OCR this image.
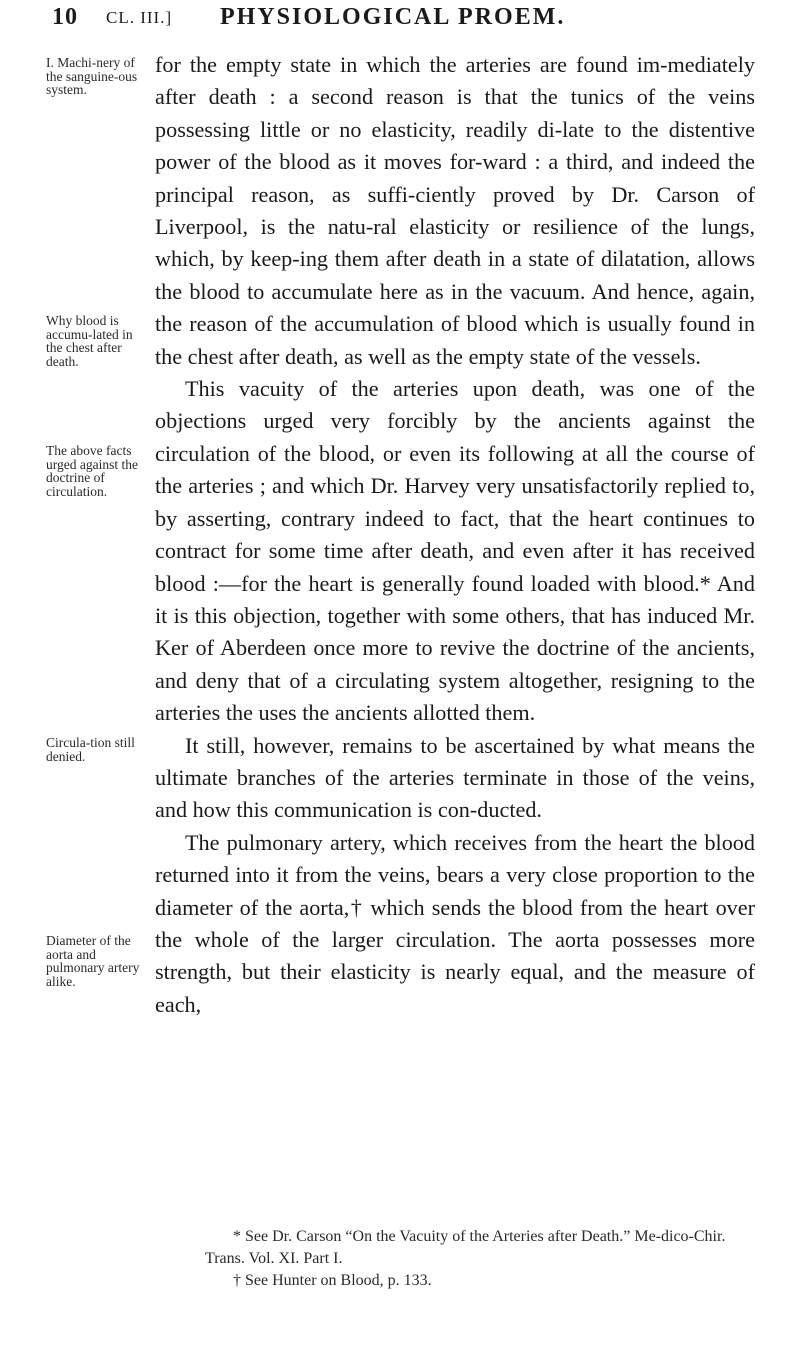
10 CL. III.] PHYSIOLOGICAL PROEM.
I. Machi-nery of the sanguine-ous system.
Why blood is accumu-lated in the chest after death.
The above facts urged against the doctrine of circulation.
Circula-tion still denied.
Diameter of the aorta and pulmonary artery alike.

for the empty state in which the arteries are found im-mediately after death : a second reason is that the tunics of the veins possessing little or no elasticity, readily di-late to the distentive power of the blood as it moves for-ward : a third, and indeed the principal reason, as suffi-ciently proved by Dr. Carson of Liverpool, is the natu-ral elasticity or resilience of the lungs, which, by keep-ing them after death in a state of dilatation, allows the blood to accumulate here as in the vacuum. And hence, again, the reason of the accumulation of blood which is usually found in the chest after death, as well as the empty state of the vessels.

This vacuity of the arteries upon death, was one of the objections urged very forcibly by the ancients against the circulation of the blood, or even its following at all the course of the arteries ; and which Dr. Harvey very unsatisfactorily replied to, by asserting, contrary indeed to fact, that the heart continues to contract for some time after death, and even after it has received blood :—for the heart is generally found loaded with blood.* And it is this objection, together with some others, that has induced Mr. Ker of Aberdeen once more to revive the doctrine of the ancients, and deny that of a circulating system altogether, resigning to the arteries the uses the ancients allotted them.

It still, however, remains to be ascertained by what means the ultimate branches of the arteries terminate in those of the veins, and how this communication is con-ducted.

The pulmonary artery, which receives from the heart the blood returned into it from the veins, bears a very close proportion to the diameter of the aorta,† which sends the blood from the heart over the whole of the larger circulation. The aorta possesses more strength, but their elasticity is nearly equal, and the measure of each,

* See Dr. Carson “On the Vacuity of the Arteries after Death.” Me-dico-Chir. Trans. Vol. XI. Part I.

† See Hunter on Blood, p. 133.
